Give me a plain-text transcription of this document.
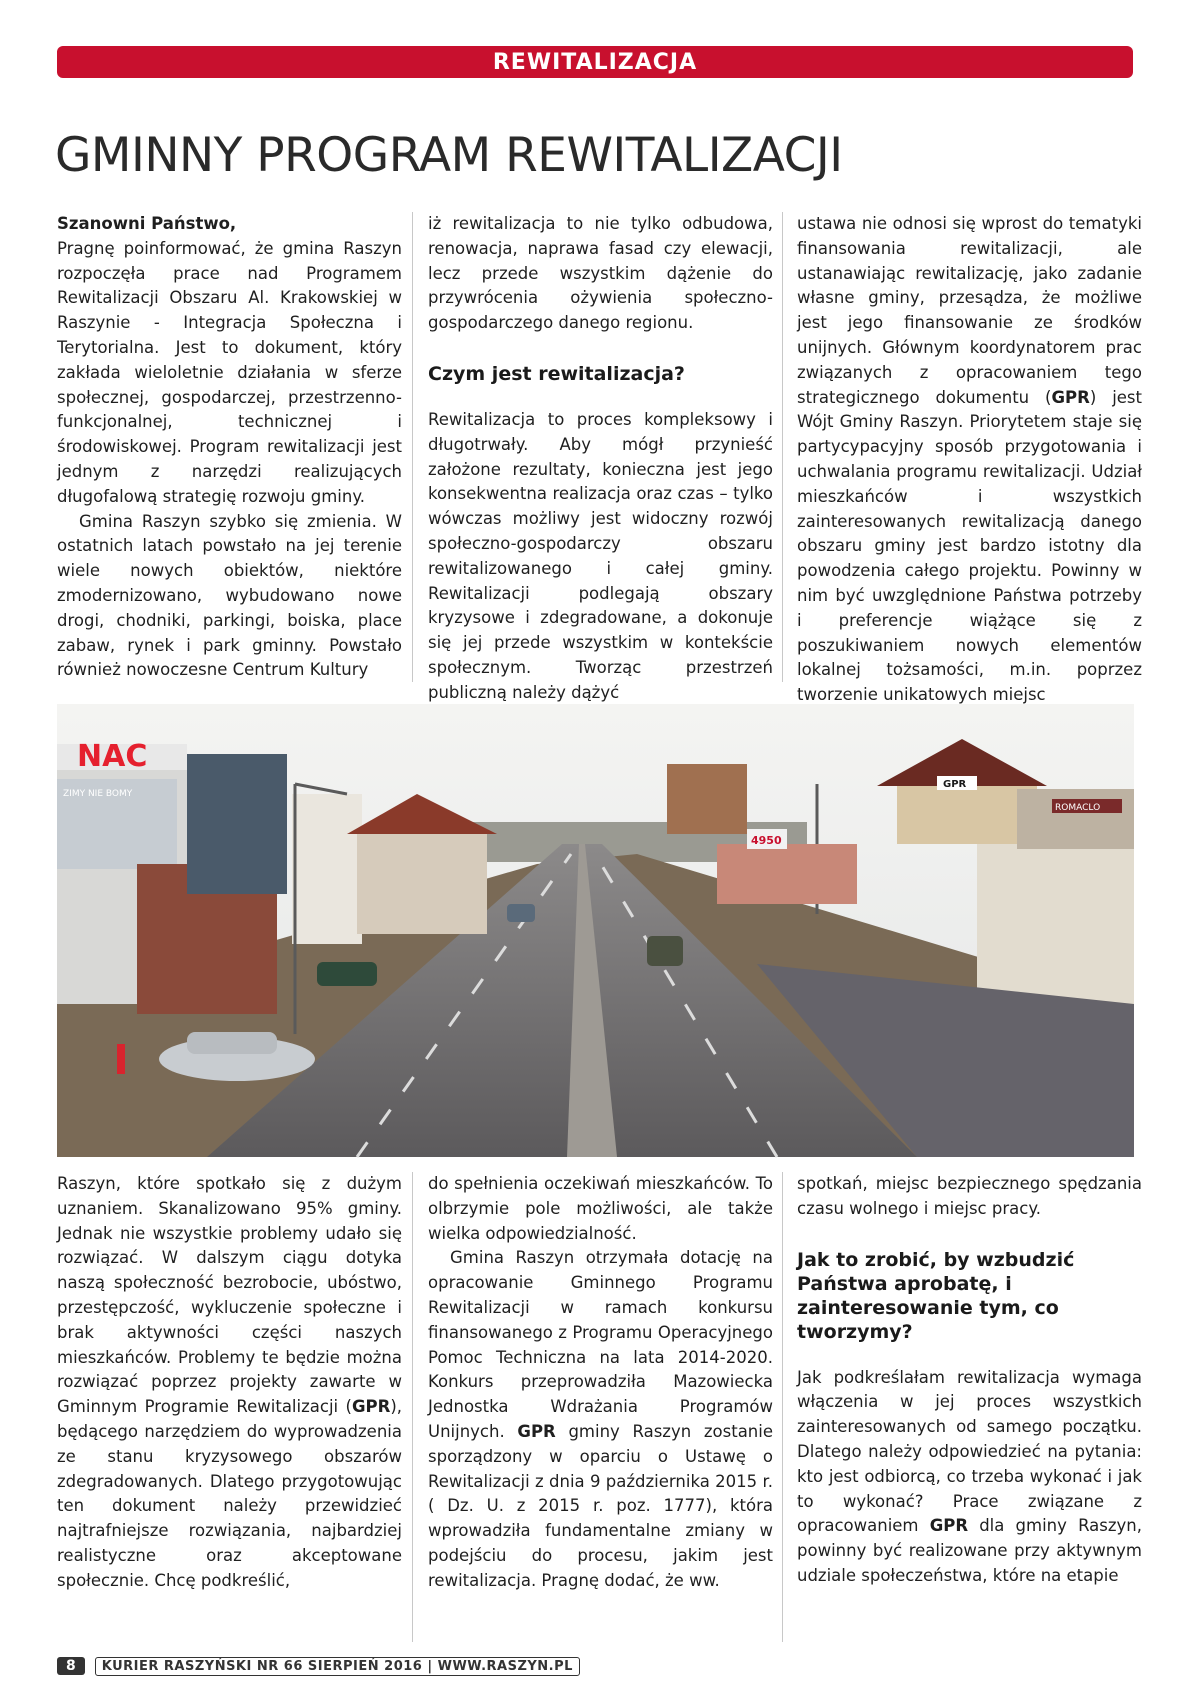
REWITALIZACJA
GMINNY PROGRAM REWITALIZACJI

Szanowni Państwo,

Pragnę poinformować, że gmina Raszyn rozpoczęła prace nad Programem Rewitalizacji Obszaru Al. Krakowskiej w Raszynie - Integracja Społeczna i Terytorialna. Jest to dokument, który zakłada wieloletnie działania w sferze społecznej, gospodarczej, przestrzenno-funkcjonalnej, technicznej i środowiskowej. Program rewitalizacji jest jednym z narzędzi realizujących długofalową strategię rozwoju gminy.

Gmina Raszyn szybko się zmienia. W ostatnich latach powstało na jej terenie wiele nowych obiektów, niektóre zmodernizowano, wybudowano nowe drogi, chodniki, parkingi, boiska, place zabaw, rynek i park gminny. Powstało również nowoczesne Centrum Kultury

iż rewitalizacja to nie tylko odbudowa, renowacja, naprawa fasad czy elewacji, lecz przede wszystkim dążenie do przywrócenia ożywienia społeczno-gospodarczego danego regionu.

Czym jest rewitalizacja?

Rewitalizacja to proces kompleksowy i długotrwały. Aby mógł przynieść założone rezultaty, konieczna jest jego konsekwentna realizacja oraz czas – tylko wówczas możliwy jest widoczny rozwój społeczno-gospodarczy obszaru rewitalizowanego i całej gminy. Rewitalizacji podlegają obszary kryzysowe i zdegradowane, a dokonuje się jej przede wszystkim w kontekście społecznym. Tworząc przestrzeń publiczną należy dążyć

ustawa nie odnosi się wprost do tematyki finansowania rewitalizacji, ale ustanawiając rewitalizację, jako zadanie własne gminy, przesądza, że możliwe jest jego finansowanie ze środków unijnych. Głównym koordynatorem prac związanych z opracowaniem tego strategicznego dokumentu (GPR) jest Wójt Gminy Raszyn. Priorytetem staje się partycypacyjny sposób przygotowania i uchwalania programu rewitalizacji. Udział mieszkańców i wszystkich zainteresowanych rewitalizacją danego obszaru gminy jest bardzo istotny dla powodzenia całego projektu. Powinny w nim być uwzględnione Państwa potrzeby i preferencje wiążące się z poszukiwaniem nowych elementów lokalnej tożsamości, m.in. poprzez tworzenie unikatowych miejsc

NAC
ZIMY NIE BOMY
GPR
ROMACLO
4950

Raszyn, które spotkało się z dużym uznaniem. Skanalizowano 95% gminy. Jednak nie wszystkie problemy udało się rozwiązać. W dalszym ciągu dotyka naszą społeczność bezrobocie, ubóstwo, przestępczość, wykluczenie społeczne i brak aktywności części naszych mieszkańców. Problemy te będzie można rozwiązać poprzez projekty zawarte w Gminnym Programie Rewitalizacji (GPR), będącego narzędziem do wyprowadzenia ze stanu kryzysowego obszarów zdegradowanych. Dlatego przygotowując ten dokument należy przewidzieć najtrafniejsze rozwiązania, najbardziej realistyczne oraz akceptowane społecznie. Chcę podkreślić,

do spełnienia oczekiwań mieszkańców. To olbrzymie pole możliwości, ale także wielka odpowiedzialność.

Gmina Raszyn otrzymała dotację na opracowanie Gminnego Programu Rewitalizacji w ramach konkursu finansowanego z Programu Operacyjnego Pomoc Techniczna na lata 2014-2020. Konkurs przeprowadziła Mazowiecka Jednostka Wdrażania Programów Unijnych. GPR gminy Raszyn zostanie sporządzony w oparciu o Ustawę o Rewitalizacji z dnia 9 października 2015 r. ( Dz. U. z 2015 r. poz. 1777), która wprowadziła fundamentalne zmiany w podejściu do procesu, jakim jest rewitalizacja. Pragnę dodać, że ww.

spotkań, miejsc bezpiecznego spędzania czasu wolnego i miejsc pracy.

Jak to zrobić, by wzbudzić Państwa aprobatę, i zainteresowanie tym, co tworzymy?

Jak podkreślałam rewitalizacja wymaga włączenia w jej proces wszystkich zainteresowanych od samego początku. Dlatego należy odpowiedzieć na pytania: kto jest odbiorcą, co trzeba wykonać i jak to wykonać? Prace związane z opracowaniem GPR dla gminy Raszyn, powinny być realizowane przy aktywnym udziale społeczeństwa, które na etapie

8	KURIER RASZYŃSKI NR 66 SIERPIEŃ 2016 | WWW.RASZYN.PL
